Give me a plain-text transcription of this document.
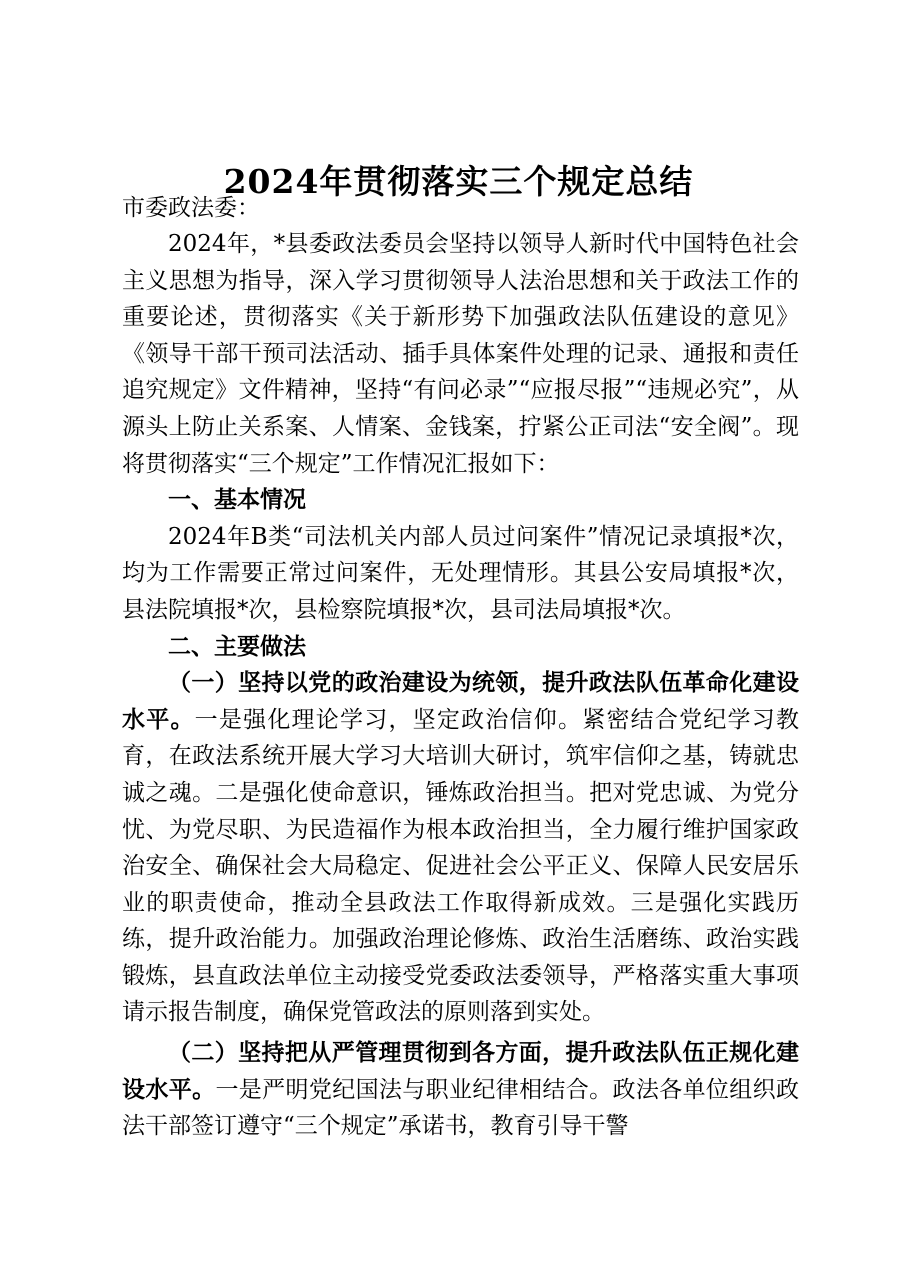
2024年贯彻落实三个规定总结
市委政法委：

2024年，*县委政法委员会坚持以领导人新时代中国特色社会主义思想为指导，深入学习贯彻领导人法治思想和关于政法工作的重要论述，贯彻落实《关于新形势下加强政法队伍建设的意见》《领导干部干预司法活动、插手具体案件处理的记录、通报和责任追究规定》文件精神，坚持“有问必录”“应报尽报”“违规必究”，从源头上防止关系案、人情案、金钱案，拧紧公正司法“安全阀”。现将贯彻落实“三个规定”工作情况汇报如下：

一、基本情况

2024年B类“司法机关内部人员过问案件”情况记录填报*次，均为工作需要正常过问案件，无处理情形。其县公安局填报*次，县法院填报*次，县检察院填报*次，县司法局填报*次。

二、主要做法

（一）坚持以党的政治建设为统领，提升政法队伍革命化建设水平。一是强化理论学习，坚定政治信仰。紧密结合党纪学习教育，在政法系统开展大学习大培训大研讨，筑牢信仰之基，铸就忠诚之魂。二是强化使命意识，锤炼政治担当。把对党忠诚、为党分忧、为党尽职、为民造福作为根本政治担当，全力履行维护国家政治安全、确保社会大局稳定、促进社会公平正义、保障人民安居乐业的职责使命，推动全县政法工作取得新成效。三是强化实践历练，提升政治能力。加强政治理论修炼、政治生活磨练、政治实践锻炼，县直政法单位主动接受党委政法委领导，严格落实重大事项请示报告制度，确保党管政法的原则落到实处。

（二）坚持把从严管理贯彻到各方面，提升政法队伍正规化建设水平。一是严明党纪国法与职业纪律相结合。政法各单位组织政法干部签订遵守“三个规定”承诺书，教育引导干警
